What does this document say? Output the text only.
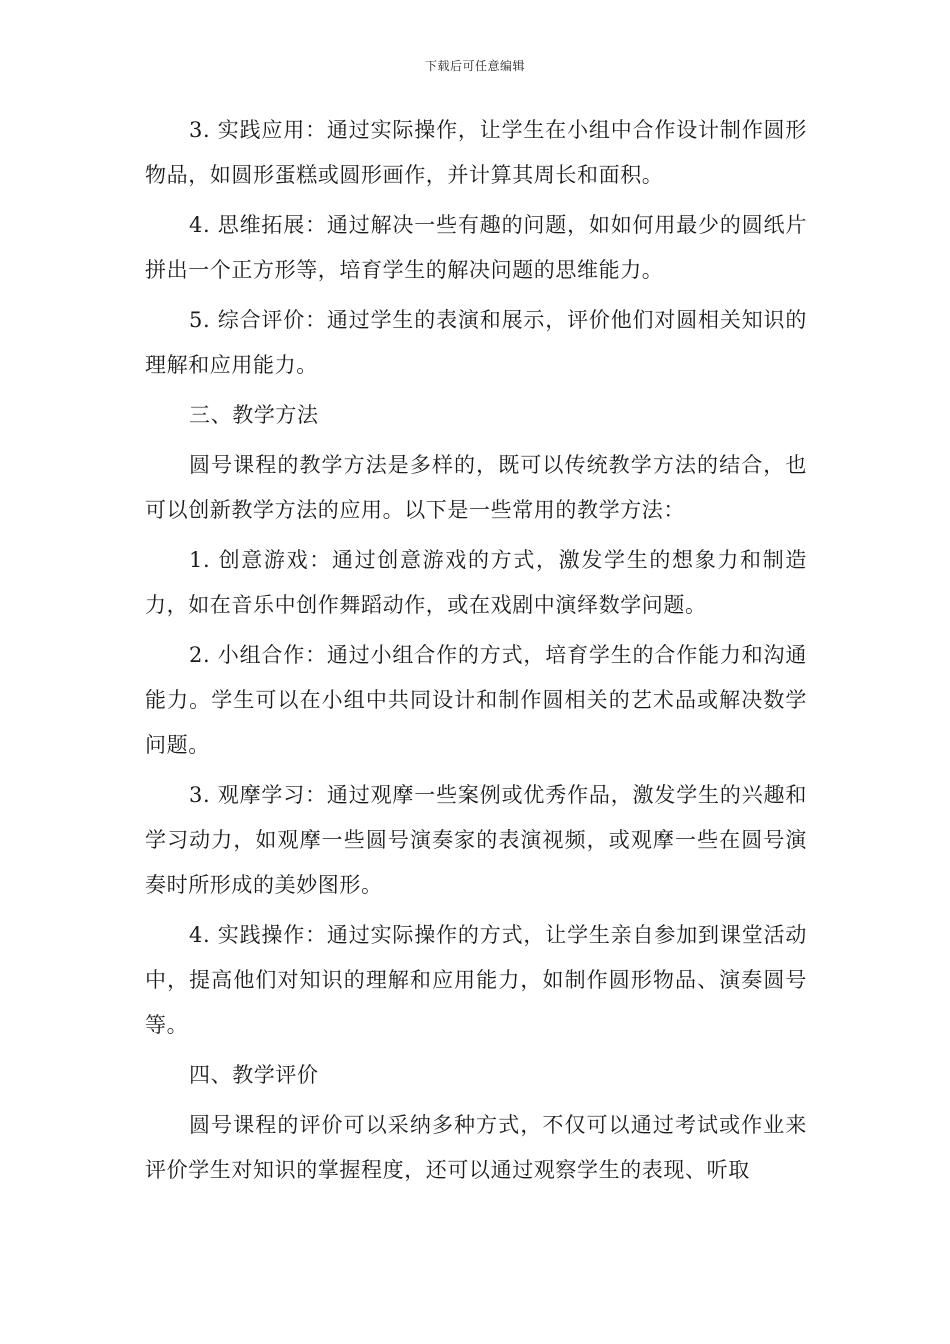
下载后可任意编辑

3. 实践应用：通过实际操作，让学生在小组中合作设计制作圆形物品，如圆形蛋糕或圆形画作，并计算其周长和面积。

4. 思维拓展：通过解决一些有趣的问题，如如何用最少的圆纸片拼出一个正方形等，培育学生的解决问题的思维能力。

5. 综合评价：通过学生的表演和展示，评价他们对圆相关知识的理解和应用能力。

三、教学方法

圆号课程的教学方法是多样的，既可以传统教学方法的结合，也可以创新教学方法的应用。以下是一些常用的教学方法：

1. 创意游戏：通过创意游戏的方式，激发学生的想象力和制造力，如在音乐中创作舞蹈动作，或在戏剧中演绎数学问题。

2. 小组合作：通过小组合作的方式，培育学生的合作能力和沟通能力。学生可以在小组中共同设计和制作圆相关的艺术品或解决数学问题。

3. 观摩学习：通过观摩一些案例或优秀作品，激发学生的兴趣和学习动力，如观摩一些圆号演奏家的表演视频，或观摩一些在圆号演奏时所形成的美妙图形。

4. 实践操作：通过实际操作的方式，让学生亲自参加到课堂活动中，提高他们对知识的理解和应用能力，如制作圆形物品、演奏圆号等。

四、教学评价

圆号课程的评价可以采纳多种方式，不仅可以通过考试或作业来评价学生对知识的掌握程度，还可以通过观察学生的表现、听取
